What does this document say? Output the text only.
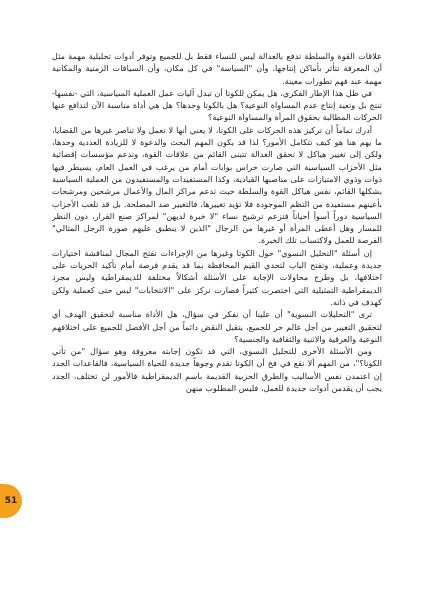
علاقات القوة والسلطة تدفع بالعدالة ليس للنساء فقط بل للجميع وتوفر أدوات تحليلية مهمة مثل أن المعرفة تتأثر بأماكن إنتاجها، وأن "السياسة" في كل مكان، وأن السياقات الزمنية والمكانية مهمة عند فهم تطورات معينة.

في ظل هذا الإطار الفكري، هل يمكن للكوتا أن تبدل آليات عمل العملية السياسية، التي -نفسها- تنتج بل وتعيد إنتاج عدم المساواة النوعية؟ هل بالكوتا وحدها؟ هل هي أداة مناسبة الآن لتدافع عنها الحركات المطالبة بحقوق المرأة والمساواة النوعية؟

أدرك تماماً أن تركيز هذه الحركات على الكوتا، لا يعني أنها لا تعمل ولا تناصر غيرها من القضايا، ما يهم هنا هو كيف تتكامل الأمور؟ لذا قد يكون المهم البحث والدعوة لا للزيادة العددية وحدها، ولكن إلى تغيير هياكل لا تحقق العدالة تتبنى القائم من علاقات القوة، وتدعم مؤسسات إقصائية مثل الأحزاب السياسية التي صارت حراس بوابات أمام من يرغب في العمل العام، يسيطر فيها ذوات وذوي الامتيازات على مناصبها القيادية، وكذا المستفيدات والمستفيدون من العملية السياسية بشكلها القائم، نفس هياكل القوة والسلطة حيث تدعم مراكز المال والأعمال مرشحين ومرشحات بأعينهم مستفيدة من النظم الموجودة فلا تؤيد تغييرها، فالتغيير ضد المصلحة. بل قد تلعب الأحزاب السياسية دوراً أسوأ أحياناً فتزعم ترشيح نساء "لا خبرة لديهن" لمراكز صنع القرار، دون النظر للمسار وهل أعطى المرأة أو غيرها من الرجال "الذين لا ينطبق عليهم صورة الرجل المثالي" الفرصة للعمل ولاكتساب تلك الخبرة.

إن أسئلة "التحليل النسوي" حول الكوتا وغيرها من الإجراءات تفتح المجال لمناقشة اختيارات جديدة وعملية، وتفتح الباب لتحدي القيم المحافظة بما قد يقدم فرصة أمام تأكيد الحريات على اختلافها، بل وطرح محاولات الإجابة على الأسئلة أشكالاً مختلفة للديمقراطية وليس مجرد الديمقراطية التمثيلية التي اختصرت كثيراً فصارت تركز على "الانتخابات" ليس حتى كعملية ولكن كهدف في ذاته.

ترى "التحليلات النسوية" أن علينا أن نفكر في سؤال، هل الأداة مناسبة لتحقيق الهدف أي لتحقيق التغيير من أجل عالم حر للجميع، يتقبل النقض دائماً من أجل الأفضل للجميع على اختلافهم النوعية والعرقية والاثنية والثقافية والجنسية؟

ومن الأسئلة الأخرى للتحليل النسوي، التي قد تكون إجابته معروفة وهو سؤال "من تأتي الكوتا؟"، من المهم ألا نقع في فخ أن الكوتا تقدم وجوهاً جديدة للحياة السياسية، فالقاعدات الجدد إن اعتمدن نفس الأساليب والطرق الحزبية القديمة باسم الديمقراطية فالأمور لن تختلف، الجدد يجب أن يقدمن أدوات جديدة للعمل، فليس المطلوب منهن

51
